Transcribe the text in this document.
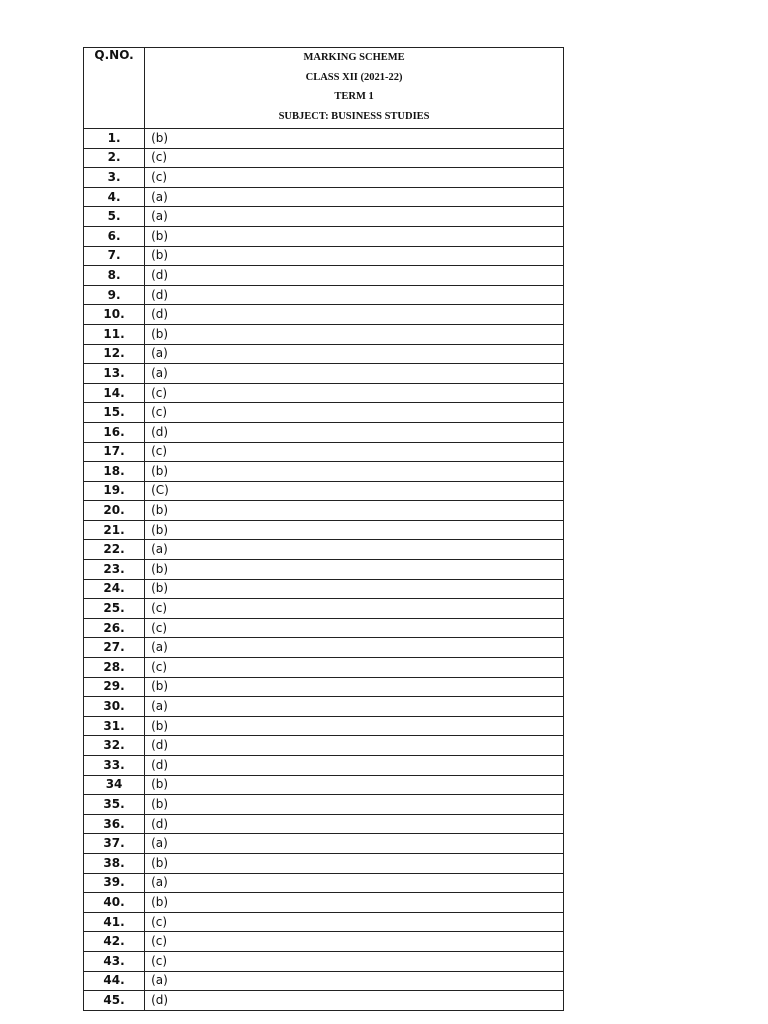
Q.NO.	MARKING SCHEME
CLASS XII (2021-22)
TERM 1
SUBJECT: BUSINESS STUDIES

1.	(b)
2.	(c)
3.	(c)
4.	(a)
5.	(a)
6.	(b)
7.	(b)
8.	(d)
9.	(d)
10.	(d)
11.	(b)
12.	(a)
13.	(a)
14.	(c)
15.	(c)
16.	(d)
17.	(c)
18.	(b)
19.	(C)
20.	(b)
21.	(b)
22.	(a)
23.	(b)
24.	(b)
25.	(c)
26.	(c)
27.	(a)
28.	(c)
29.	(b)
30.	(a)
31.	(b)
32.	(d)
33.	(d)
34	(b)
35.	(b)
36.	(d)
37.	(a)
38.	(b)
39.	(a)
40.	(b)
41.	(c)
42.	(c)
43.	(c)
44.	(a)
45.	(d)
